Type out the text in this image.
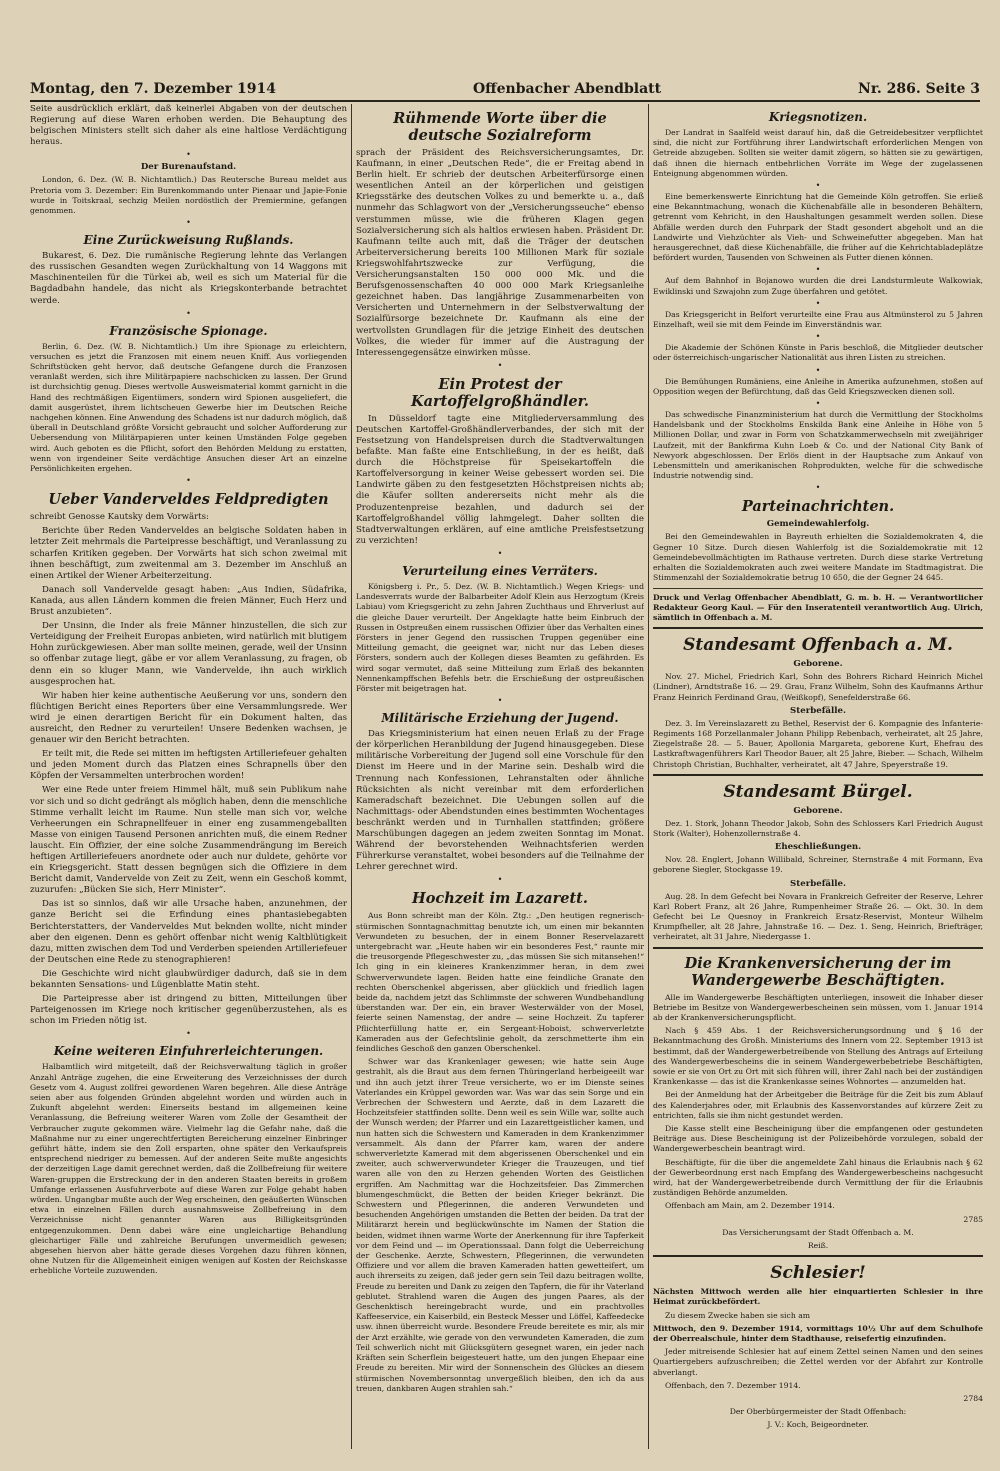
Montag, den 7. Dezember 1914	Offenbacher Abendblatt	Nr. 286. Seite 3

Seite ausdrücklich erklärt, daß keinerlei Abgaben von der deutschen Regierung auf diese Waren erhoben werden. Die Behauptung des belgischen Ministers stellt sich daher als eine haltlose Verdächtigung heraus.

•
Der Burenaufstand.

London, 6. Dez. (W. B. Nichtamtlich.) Das Reutersche Bureau meldet aus Pretoria vom 3. Dezember: Ein Burenkommando unter Pienaar und Japie-Fonie wurde in Toitskraal, sechzig Meilen nordöstlich der Premiermine, gefangen genommen.

•
Eine Zurückweisung Rußlands.

Bukarest, 6. Dez. Die rumänische Regierung lehnte das Verlangen des russischen Gesandten wegen Zurückhaltung von 14 Waggons mit Maschinenteilen für die Türkei ab, weil es sich um Material für die Bagdadbahn handele, das nicht als Kriegskonterbande betrachtet werde.

•
Französische Spionage.

Berlin, 6. Dez. (W. B. Nichtamtlich.) Um ihre Spionage zu erleichtern, versuchen es jetzt die Franzosen mit einem neuen Kniff. Aus vorliegenden Schriftstücken geht hervor, daß deutsche Gefangene durch die Franzosen veranlaßt werden, sich ihre Militärpapiere nachschicken zu lassen. Der Grund ist durchsichtig genug. Dieses wertvolle Ausweismaterial kommt garnicht in die Hand des rechtmäßigen Eigentümers, sondern wird Spionen ausgeliefert, die damit ausgerüstet, ihrem lichtscheuen Gewerbe hier im Deutschen Reiche nachgehen können. Eine Anwendung des Schadens ist nur dadurch möglich, daß überall in Deutschland größte Vorsicht gebraucht und solcher Aufforderung zur Uebersendung von Militärpapieren unter keinen Umständen Folge gegeben wird. Auch geboten es die Pflicht, sofort den Behörden Meldung zu erstatten, wenn von irgendeiner Seite verdächtige Ansuchen dieser Art an einzelne Persönlichkeiten ergehen.

•
Ueber Vanderveldes Feldpredigten

schreibt Genosse Kautsky dem Vorwärts:

Berichte über Reden Vanderveldes an belgische Soldaten haben in letzter Zeit mehrmals die Parteipresse beschäftigt, und Veranlassung zu scharfen Kritiken gegeben. Der Vorwärts hat sich schon zweimal mit ihnen beschäftigt, zum zweitenmal am 3. Dezember im Anschluß an einen Artikel der Wiener Arbeiterzeitung.

Danach soll Vandervelde gesagt haben: „Aus Indien, Südafrika, Kanada, aus allen Ländern kommen die freien Männer, Euch Herz und Brust anzubieten“.

Der Unsinn, die Inder als freie Männer hinzustellen, die sich zur Verteidigung der Freiheit Europas anbieten, wird natürlich mit blutigem Hohn zurückgewiesen. Aber man sollte meinen, gerade, weil der Unsinn so offenbar zutage liegt, gäbe er vor allem Veranlassung, zu fragen, ob denn ein so kluger Mann, wie Vandervelde, ihn auch wirklich ausgesprochen hat.

Wir haben hier keine authentische Aeußerung vor uns, sondern den flüchtigen Bericht eines Reporters über eine Versammlungsrede. Wer wird je einen derartigen Bericht für ein Dokument halten, das ausreicht, den Redner zu verurteilen! Unsere Bedenken wachsen, je genauer wir den Bericht betrachten.

Er teilt mit, die Rede sei mitten im heftigsten Artilleriefeuer gehalten und jeden Moment durch das Platzen eines Schrapnells über den Köpfen der Versammelten unterbrochen worden!

Wer eine Rede unter freiem Himmel hält, muß sein Publikum nahe vor sich und so dicht gedrängt als möglich haben, denn die menschliche Stimme verhallt leicht im Raume. Nun stelle man sich vor, welche Verheerungen ein Schrapnellfeuer in einer eng zusammengeballten Masse von einigen Tausend Personen anrichten muß, die einem Redner lauscht. Ein Offizier, der eine solche Zusammendrängung im Bereich heftigen Artilleriefeuers anordnete oder auch nur duldete, gehörte vor ein Kriegsgericht. Statt dessen begnügen sich die Offiziere in dem Bericht damit, Vandervelde von Zeit zu Zeit, wenn ein Geschoß kommt, zuzurufen: „Bücken Sie sich, Herr Minister“.

Das ist so sinnlos, daß wir alle Ursache haben, anzunehmen, der ganze Bericht sei die Erfindung eines phantasiebegabten Berichterstatters, der Vanderveldes Mut beknden wollte, nicht minder aber den eigenen. Denn es gehört offenbar nicht wenig Kaltblütigkeit dazu, mitten zwischen dem Tod und Verderben speienden Artilleriefeuer der Deutschen eine Rede zu stenographieren!

Die Geschichte wird nicht glaubwürdiger dadurch, daß sie in dem bekannten Sensations- und Lügenblatte Matin steht.

Die Parteipresse aber ist dringend zu bitten, Mitteilungen über Parteigenossen im Kriege noch kritischer gegenüberzustehen, als es schon im Frieden nötig ist.

•
Keine weiteren Einfuhrerleichterungen.

Halbamtlich wird mitgeteilt, daß der Reichsverwaltung täglich in großer Anzahl Anträge zugehen, die eine Erweiterung des Verzeichnisses der durch Gesetz vom 4. August zollfrei gewordenen Waren begehren. Alle diese Anträge seien aber aus folgenden Gründen abgelehnt worden und würden auch in Zukunft abgelehnt werden: Einerseits bestand im allgemeinen keine Veranlassung, die Befreiung weiterer Waren vom Zolle der Gesamtheit der Verbraucher zugute gekommen wäre. Vielmehr lag die Gefahr nahe, daß die Maßnahme nur zu einer ungerechtfertigten Bereicherung einzelner Einbringer geführt hätte, indem sie den Zoll ersparten, ohne später den Verkaufspreis entsprechend niedriger zu bemessen. Auf der anderen Seite mußte angesichts der derzeitigen Lage damit gerechnet werden, daß die Zollbefreiung für weitere Waren-gruppen die Erstreckung der in den anderen Staaten bereits in großem Umfange erlassenen Ausfuhrverbote auf diese Waren zur Folge gehabt haben würden. Ungangbar mußte auch der Weg erscheinen, den geäußerten Wünschen etwa in einzelnen Fällen durch ausnahmsweise Zollbefreiung in dem Verzeichnisse nicht genannter Waren aus Billigkeitsgründen entgegenzukommen. Denn dabei wäre eine ungleichartige Behandlung gleichartiger Fälle und zahlreiche Berufungen unvermeidlich gewesen; abgesehen hiervon aber hätte gerade dieses Vorgehen dazu führen können, ohne Nutzen für die Allgemeinheit einigen wenigen auf Kosten der Reichskasse erhebliche Vorteile zuzuwenden.

Rühmende Worte über die deutsche Sozialreform

sprach der Präsident des Reichsversicherungsamtes, Dr. Kaufmann, in einer „Deutschen Rede“, die er Freitag abend in Berlin hielt. Er schrieb der deutschen Arbeiterfürsorge einen wesentlichen Anteil an der körperlichen und geistigen Kriegsstärke des deutschen Volkes zu und bemerkte u. a., daß nunmehr das Schlagwort von der „Versicherungsseuche“ ebenso verstummen müsse, wie die früheren Klagen gegen Sozialversicherung sich als haltlos erwiesen haben. Präsident Dr. Kaufmann teilte auch mit, daß die Träger der deutschen Arbeiterversicherung bereits 100 Millionen Mark für soziale Kriegswohlfahrtszwecke zur Verfügung, die Versicherungsanstalten 150 000 000 Mk. und die Berufsgenossenschaften 40 000 000 Mark Kriegsanleihe gezeichnet haben. Das langjährige Zusammenarbeiten von Versicherten und Unternehmern in der Selbstverwaltung der Sozialfürsorge bezeichnete Dr. Kaufmann als eine der wertvollsten Grundlagen für die jetzige Einheit des deutschen Volkes, die wieder für immer auf die Austragung der Interessengegensätze einwirken müsse.

•
Ein Protest der Kartoffelgroßhändler.

In Düsseldorf tagte eine Mitgliederversammlung des Deutschen Kartoffel-Großhändlerverbandes, der sich mit der Festsetzung von Handelspreisen durch die Stadtverwaltungen befaßte. Man faßte eine Entschließung, in der es heißt, daß durch die Höchstpreise für Speisekartoffeln die Kartoffelversorgung in keiner Weise gebessert worden sei. Die Landwirte gäben zu den festgesetzten Höchstpreisen nichts ab; die Käufer sollten andererseits nicht mehr als die Produzentenpreise bezahlen, und dadurch sei der Kartoffelgroßhandel völlig lahmgelegt. Daher sollten die Stadtverwaltungen erklären, auf eine amtliche Preisfestsetzung zu verzichten!

•
Verurteilung eines Verräters.

Königsberg i. Pr., 5. Dez. (W. B. Nichtamtlich.) Wegen Kriegs- und Landesverrats wurde der Balbarbeiter Adolf Klein aus Herzogtum (Kreis Labiau) vom Kriegsgericht zu zehn Jahren Zuchthaus und Ehrverlust auf die gleiche Dauer verurteilt. Der Angeklagte hatte beim Einbruch der Russen in Ostpreußen einem russischen Offizier über das Verhalten eines Försters in jener Gegend den russischen Truppen gegenüber eine Mitteilung gemacht, die geeignet war, nicht nur das Leben dieses Försters, sondern auch der Kollegen dieses Beamten zu gefährden. Es wird sogar vermutet, daß seine Mitteilung zum Erlaß des bekannten Nennenkampffschen Befehls betr. die Erschießung der ostpreußischen Förster mit beigetragen hat.

•
Militärische Erziehung der Jugend.

Das Kriegsministerium hat einen neuen Erlaß zu der Frage der körperlichen Heranbildung der Jugend hinausgegeben. Diese militärische Vorbereitung der Jugend soll eine Vorschule für den Dienst im Heere und in der Marine sein. Deshalb wird die Trennung nach Konfessionen, Lehranstalten oder ähnliche Rücksichten als nicht vereinbar mit dem erforderlichen Kameradschaft bezeichnet. Die Uebungen sollen auf die Nachmittags- oder Abendstunden eines bestimmten Wochentages beschränkt werden und in Turnhallen stattfinden; größere Marschübungen dagegen an jedem zweiten Sonntag im Monat. Während der bevorstehenden Weihnachtsferien werden Führerkurse veranstaltet, wobei besonders auf die Teilnahme der Lehrer gerechnet wird.

•
Hochzeit im Lazarett.

Aus Bonn schreibt man der Köln. Ztg.: „Den heutigen regnerisch-stürmischen Sonntagnachmittag benutzte ich, um einen mir bekannten Verwundeten zu besuchen, der in einem Bonner Reservelazarett untergebracht war. „Heute haben wir ein besonderes Fest,“ raunte mir die treusorgende Pflegeschwester zu, „das müssen Sie sich mitansehen!“ Ich ging in ein kleineres Krankenzimmer heran, in dem zwei Schwerverwundete lagen. Beiden hatte eine feindliche Granate den rechten Oberschenkel abgerissen, aber glücklich und friedlich lagen beide da, nachdem jetzt das Schlimmste der schweren Wundbehandlung überstanden war. Der ein, ein braver Westerwälder von der Mosel, feierte seinen Namenstag, der andre — seine Hochzeit. Zu tapferer Pflichterfüllung hatte er, ein Sergeant-Hoboist, schwerverletzte Kameraden aus der Gefechtslinie geholt, da zerschmetterte ihm ein feindliches Geschoß den ganzen Oberschenkel.

Schwer war das Krankenlager gewesen; wie hatte sein Auge gestrahlt, als die Braut aus dem fernen Thüringerland herbeigeeilt war und ihn auch jetzt ihrer Treue versicherte, wo er im Dienste seines Vaterlandes ein Krüppel geworden war. Was war das sein Sorge und ein Verbrechen der Schwestern und Aerzte, daß in dem Lazarett die Hochzeitsfeier stattfinden sollte. Denn weil es sein Wille war, sollte auch der Wunsch werden; der Pfarrer und ein Lazarettgeistlicher kamen, und nun hatten sich die Schwestern und Kameraden in dem Krankenzimmer versammelt. Als dann der Pfarrer kam, waren der andere schwerverletzte Kamerad mit dem abgerissenen Oberschenkel und ein zweiter, auch schwerverwundeter Krieger die Trauzeugen, und tief waren alle von den zu Herzen gehenden Worten des Geistlichen ergriffen. Am Nachmittag war die Hochzeitsfeier. Das Zimmerchen blumengeschmückt, die Betten der beiden Krieger bekränzt. Die Schwestern und Pflegerinnen, die anderen Verwundeten und besuchenden Angehörigen umstanden die Betten der beiden. Da trat der Militärarzt herein und beglückwünschte im Namen der Station die beiden, widmet ihnen warme Worte der Anerkennung für ihre Tapferkeit vor dem Feind und — im Operationssaal. Dann folgt die Ueberreichung der Geschenke. Aerzte, Schwestern, Pflegerinnen, die verwundeten Offiziere und vor allem die braven Kameraden hatten gewetteifert, um auch ihrerseits zu zeigen, daß jeder gern sein Teil dazu beitragen wollte, Freude zu bereiten und Dank zu zeigen den Tapfern, die für ihr Vaterland geblutet. Strahlend waren die Augen des jungen Paares, als der Geschenktisch hereingebracht wurde, und ein prachtvolles Kaffeeservice, ein Kaiserbild, ein Besteck Messer und Löffel, Kaffeedecke usw. ihnen überreicht wurde. Besondere Freude bereitete es mir, als mir der Arzt erzählte, wie gerade von den verwundeten Kameraden, die zum Teil schwerlich nicht mit Glücksgütern gesegnet waren, ein jeder nach Kräften sein Scherflein beigesteuert hatte, um den jungen Ehepaar eine Freude zu bereiten. Mir wird der Sonnenschein des Glückes an diesem stürmischen Novembersonntag unvergeßlich bleiben, den ich da aus treuen, dankbaren Augen strahlen sah.“

Kriegsnotizen.

Der Landrat in Saalfeld weist darauf hin, daß die Getreidebesitzer verpflichtet sind, die nicht zur Fortführung ihrer Landwirtschaft erforderlichen Mengen von Getreide abzugeben. Sollten sie weiter damit zögern, so hätten sie zu gewärtigen, daß ihnen die hiernach entbehrlichen Vorräte im Wege der zugelassenen Enteignung abgenommen würden.

•

Eine bemerkenswerte Einrichtung hat die Gemeinde Köln getroffen. Sie erließ eine Bekanntmachung, wonach die Küchenabfälle alle in besonderen Behältern, getrennt vom Kehricht, in den Haushaltungen gesammelt werden sollen. Diese Abfälle werden durch den Fuhrpark der Stadt gesondert abgeholt und an die Landwirte und Viehzüchter als Vieh- und Schweinefutter abgegeben. Man hat herausgerechnet, daß diese Küchenabfälle, die früher auf die Kehrichtabladeplätze befördert wurden, Tausenden von Schweinen als Futter dienen können.

•

Auf dem Bahnhof in Bojanowo wurden die drei Landsturmleute Walkowiak, Ewiklinski und Szwajohn zum Zuge überfahren und getötet.

•

Das Kriegsgericht in Belfort verurteilte eine Frau aus Altmünsterol zu 5 Jahren Einzelhaft, weil sie mit dem Feinde im Einverständnis war.

•

Die Akademie der Schönen Künste in Paris beschloß, die Mitglieder deutscher oder österreichisch-ungarischer Nationalität aus ihren Listen zu streichen.

•

Die Bemühungen Rumäniens, eine Anleihe in Amerika aufzunehmen, stoßen auf Opposition wegen der Befürchtung, daß das Geld Kriegszwecken dienen soll.

•

Das schwedische Finanzministerium hat durch die Vermittlung der Stockholms Handelsbank und der Stockholms Enskilda Bank eine Anleihe in Höhe von 5 Millionen Dollar, und zwar in Form von Schatzkammerwechseln mit zweijähriger Laufzeit, mit der Bankfirma Kuhn Loeb & Co. und der National City Bank of Newyork abgeschlossen. Der Erlös dient in der Hauptsache zum Ankauf von Lebensmitteln und amerikanischen Rohprodukten, welche für die schwedische Industrie notwendig sind.

•
Parteinachrichten.
Gemeindewahlerfolg.

Bei den Gemeindewahlen in Bayreuth erhielten die Sozialdemokraten 4, die Gegner 10 Sitze. Durch diesen Wahlerfolg ist die Sozialdemokratie mit 12 Gemeindebevollmächtigten im Rathause vertreten. Durch diese starke Vertretung erhalten die Sozialdemokraten auch zwei weitere Mandate im Stadtmagistrat. Die Stimmenzahl der Sozialdemokratie betrug 10 650, die der Gegner 24 645.

Druck und Verlag Offenbacher Abendblatt, G. m. b. H. — Verantwortlicher Redakteur Georg Kaul. — Für den Inseratenteil verantwortlich Aug. Ulrich, sämtlich in Offenbach a. M.

Standesamt Offenbach a. M.
Geborene.

Nov. 27. Michel, Friedrich Karl, Sohn des Bohrers Richard Heinrich Michel (Lindner), Arndtstraße 16. — 29. Grau, Franz Wilhelm, Sohn des Kaufmanns Arthur Franz Heinrich Ferdinand Grau, (Weißkopf), Senefelderstraße 66.

Sterbefälle.

Dez. 3. Im Vereinslazarett zu Bethel, Reservist der 6. Kompagnie des Infanterie-Regiments 168 Porzellanmaler Johann Philipp Rebenbach, verheiratet, alt 25 Jahre, Ziegelstraße 28. — 5. Bauer, Apollonia Margareta, geborene Kurt, Ehefrau des Lastkraftwagenführers Karl Theodor Bauer, alt 25 Jahre, Bieber. — Schach, Wilhelm Christoph Christian, Buchhalter, verheiratet, alt 47 Jahre, Speyerstraße 19.

Standesamt Bürgel.
Geborene.

Dez. 1. Stork, Johann Theodor Jakob, Sohn des Schlossers Karl Friedrich August Stork (Walter), Hohenzollernstraße 4.

Eheschließungen.

Nov. 28. Englert, Johann Willibald, Schreiner, Sternstraße 4 mit Formann, Eva geborene Siegler, Stockgasse 19.

Sterbefälle.

Aug. 28. In dem Gefecht bei Novara in Frankreich Gefreiter der Reserve, Lehrer Karl Robert Franz, alt 26 Jahre, Rumpenheimer Straße 26. — Okt. 30. In dem Gefecht bei Le Quesnoy in Frankreich Ersatz-Reservist, Monteur Wilhelm Krumpfheller, alt 28 Jahre, Jahnstraße 16. — Dez. 1. Seng, Heinrich, Briefträger, verheiratet, alt 31 Jahre, Niedergasse 1.

Die Krankenversicherung der im Wandergewerbe Beschäftigten.

Alle im Wandergewerbe Beschäftigten unterliegen, insoweit die Inhaber dieser Betriebe im Besitze von Wandergewerbescheinen sein müssen, vom 1. Januar 1914 ab der Krankenversicherungspflicht.

Nach § 459 Abs. 1 der Reichsversicherungsordnung und § 16 der Bekanntmachung des Großh. Ministeriums des Innern vom 22. September 1913 ist bestimmt, daß der Wandergewerbetreibende von Stellung des Antrags auf Erteilung des Wandergewerbescheins die in seinem Wandergewerbebetriebe Beschäftigten, sowie er sie von Ort zu Ort mit sich führen will, ihrer Zahl nach bei der zuständigen Krankenkasse — das ist die Krankenkasse seines Wohnortes — anzumelden hat.

Bei der Anmeldung hat der Arbeitgeber die Beiträge für die Zeit bis zum Ablauf des Kalenderjahres oder, mit Erlaubnis des Kassenvorstandes auf kürzere Zeit zu entrichten, falls sie ihm nicht gestundet werden.

Die Kasse stellt eine Bescheinigung über die empfangenen oder gestundeten Beiträge aus. Diese Bescheinigung ist der Polizeibehörde vorzulegen, sobald der Wandergewerbeschein beantragt wird.

Beschäftigte, für die über die angemeldete Zahl hinaus die Erlaubnis nach § 62 der Gewerbeordnung erst nach Empfang des Wandergewerbescheins nachgesucht wird, hat der Wandergewerbetreibende durch Vermittlung der für die Erlaubnis zuständigen Behörde anzumelden.

Offenbach am Main, am 2. Dezember 1914.

2785

Das Versicherungsamt der Stadt Offenbach a. M.

Reiß.

Schlesier!

Nächsten Mittwoch werden alle hier einquartierten Schlesier in ihre Heimat zurückbefördert.

Zu diesem Zwecke haben sie sich am

Mittwoch, den 9. Dezember 1914, vormittags 10½ Uhr auf dem Schulhofe der Oberrealschule, hinter dem Stadthause, reisefertig einzufinden.

Jeder mitreisende Schlesier hat auf einem Zettel seinen Namen und den seines Quartiergebers aufzuschreiben; die Zettel werden vor der Abfahrt zur Kontrolle abverlangt.

Offenbach, den 7. Dezember 1914.

2784

Der Oberbürgermeister der Stadt Offenbach:

J. V.: Koch, Beigeordneter.
